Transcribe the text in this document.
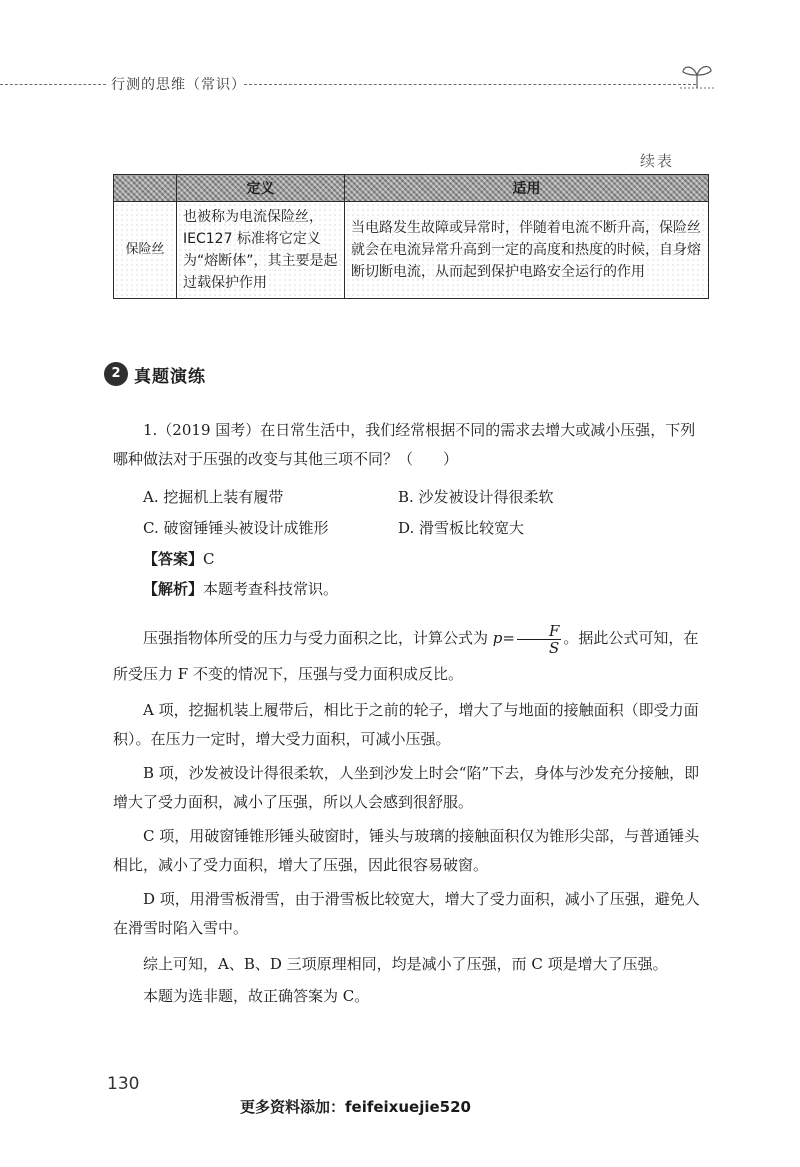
行测的思维（常识）
续表
	定义	适用
保险丝	也被称为电流保险丝，IEC127 标准将它定义为“熔断体”，其主要是起过载保护作用	当电路发生故障或异常时，伴随着电流不断升高，保险丝就会在电流异常升高到一定的高度和热度的时候，自身熔断切断电流，从而起到保护电路安全运行的作用
2 真题演练

1.（2019 国考）在日常生活中，我们经常根据不同的需求去增大或减小压强，下列哪种做法对于压强的改变与其他三项不同？（　　）

A. 挖掘机上装有履带	B. 沙发被设计得很柔软
C. 破窗锤锤头被设计成锥形	D. 滑雪板比较宽大
【答案】C
【解析】本题考查科技常识。

压强指物体所受的压力与受力面积之比，计算公式为 $p= \frac{F}{S}$ 。据此公式可知，在所受压力 F 不变的情况下，压强与受力面积成反比。

A 项，挖掘机装上履带后，相比于之前的轮子，增大了与地面的接触面积（即受力面积）。在压力一定时，增大受力面积，可减小压强。

B 项，沙发被设计得很柔软，人坐到沙发上时会“陷”下去，身体与沙发充分接触，即增大了受力面积，减小了压强，所以人会感到很舒服。

C 项，用破窗锤锥形锤头破窗时，锤头与玻璃的接触面积仅为锥形尖部，与普通锤头相比，减小了受力面积，增大了压强，因此很容易破窗。

D 项，用滑雪板滑雪，由于滑雪板比较宽大，增大了受力面积，减小了压强，避免人在滑雪时陷入雪中。

综上可知，A、B、D 三项原理相同，均是减小了压强，而 C 项是增大了压强。

本题为选非题，故正确答案为 C。

130
更多资料添加：feifeixuejie520
